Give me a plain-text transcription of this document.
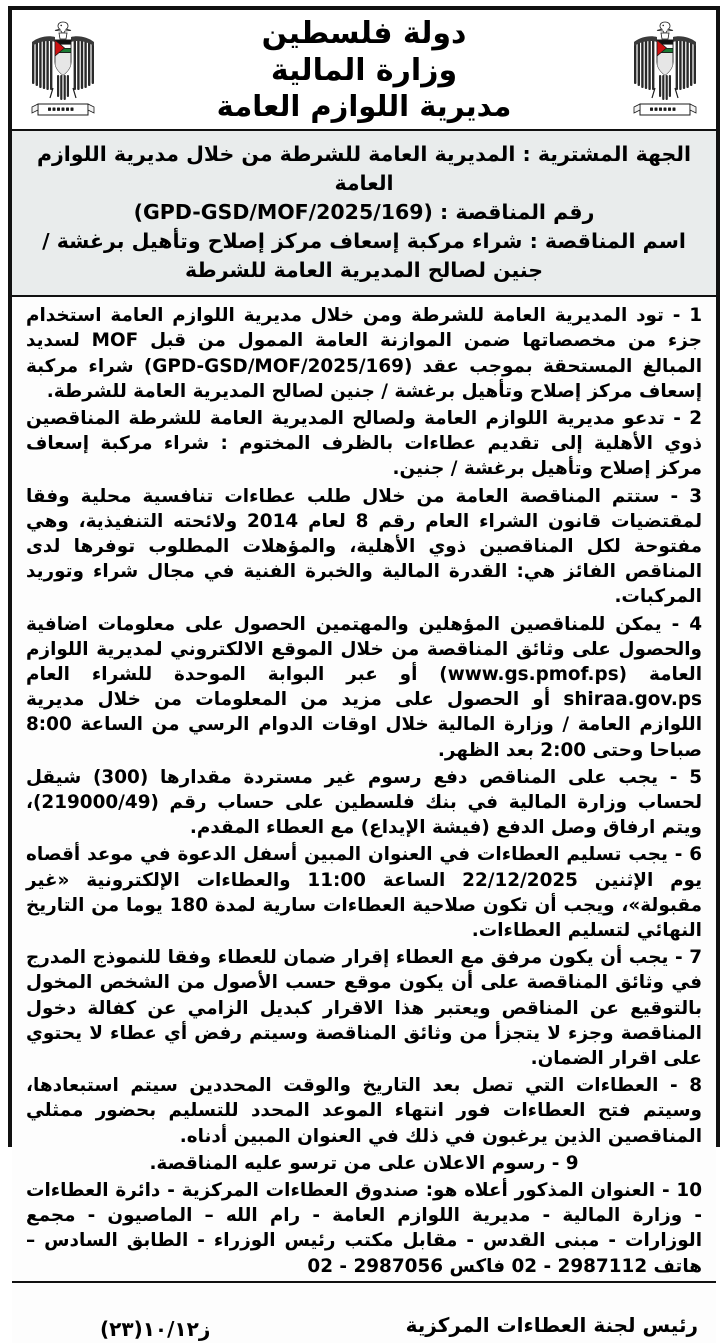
دولة فلسطين
وزارة المالية
مديرية اللوازم العامة
الجهة المشترية : المديرية العامة للشرطة من خلال مديرية اللوازم العامة
رقم المناقصة : (GPD-GSD/MOF/2025/169)
اسم المناقصة : شراء مركبة إسعاف مركز إصلاح وتأهيل برغشة / جنين لصالح المديرية العامة للشرطة

1 - تود المديرية العامة للشرطة ومن خلال مديرية اللوازم العامة استخدام جزء من مخصصاتها ضمن الموازنة العامة الممول من قبل MOF لسديد المبالغ المستحقة بموجب عقد (GPD-GSD/MOF/2025/169) شراء مركبة إسعاف مركز إصلاح وتأهيل برغشة / جنين لصالح المديرية العامة للشرطة.

2 - تدعو مديرية اللوازم العامة ولصالح المديرية العامة للشرطة المناقصين ذوي الأهلية إلى تقديم عطاءات بالظرف المختوم : شراء مركبة إسعاف مركز إصلاح وتأهيل برغشة / جنين.

3 - ستتم المناقصة العامة من خلال طلب عطاءات تنافسية محلية وفقا لمقتضيات قانون الشراء العام رقم 8 لعام 2014 ولائحته التنفيذية، وهي مفتوحة لكل المناقصين ذوي الأهلية، والمؤهلات المطلوب توفرها لدى المناقص الفائز هي: القدرة المالية والخبرة الفنية في مجال شراء وتوريد المركبات.

4 - يمكن للمناقصين المؤهلين والمهتمين الحصول على معلومات اضافية والحصول على وثائق المناقصة من خلال الموقع الالكتروني لمديرية اللوازم العامة (www.gs.pmof.ps) أو عبر البوابة الموحدة للشراء العام shiraa.gov.ps أو الحصول على مزيد من المعلومات من خلال مديرية اللوازم العامة / وزارة المالية خلال اوقات الدوام الرسي من الساعة 8:00 صباحا وحتى 2:00 بعد الظهر.

5 - يجب على المناقص دفع رسوم غير مستردة مقدارها (300) شيقل لحساب وزارة المالية في بنك فلسطين على حساب رقم (219000/49)، ويتم ارفاق وصل الدفع (فيشة الإيداع) مع العطاء المقدم.

6 - يجب تسليم العطاءات في العنوان المبين أسفل الدعوة في موعد أقصاه يوم الإثنين 22/12/2025 الساعة 11:00 والعطاءات الإلكترونية «غير مقبولة»، ويجب أن تكون صلاحية العطاءات سارية لمدة 180 يوما من التاريخ النهائي لتسليم العطاءات.

7 - يجب أن يكون مرفق مع العطاء إقرار ضمان للعطاء وفقا للنموذج المدرج في وثائق المناقصة على أن يكون موقع حسب الأصول من الشخص المخول بالتوقيع عن المناقص ويعتبر هذا الاقرار كبديل الزامي عن كفالة دخول المناقصة وجزء لا يتجزأ من وثائق المناقصة وسيتم رفض أي عطاء لا يحتوي على اقرار الضمان.

8 - العطاءات التي تصل بعد التاريخ والوقت المحددين سيتم استبعادها، وسيتم فتح العطاءات فور انتهاء الموعد المحدد للتسليم بحضور ممثلي المناقصين الذين يرغبون في ذلك في العنوان المبين أدناه.

9 - رسوم الاعلان على من ترسو عليه المناقصة.

10 - العنوان المذكور أعلاه هو: صندوق العطاءات المركزية - دائرة العطاءات - وزارة المالية - مديرية اللوازم العامة - رام الله – الماصيون - مجمع الوزارات - مبنى القدس - مقابل مكتب رئيس الوزراء - الطابق السادس – هاتف 2987112 - 02 فاكس 2987056 - 02

رئيس لجنة العطاءات المركزية
ز١٠/١٢(٢٣)
